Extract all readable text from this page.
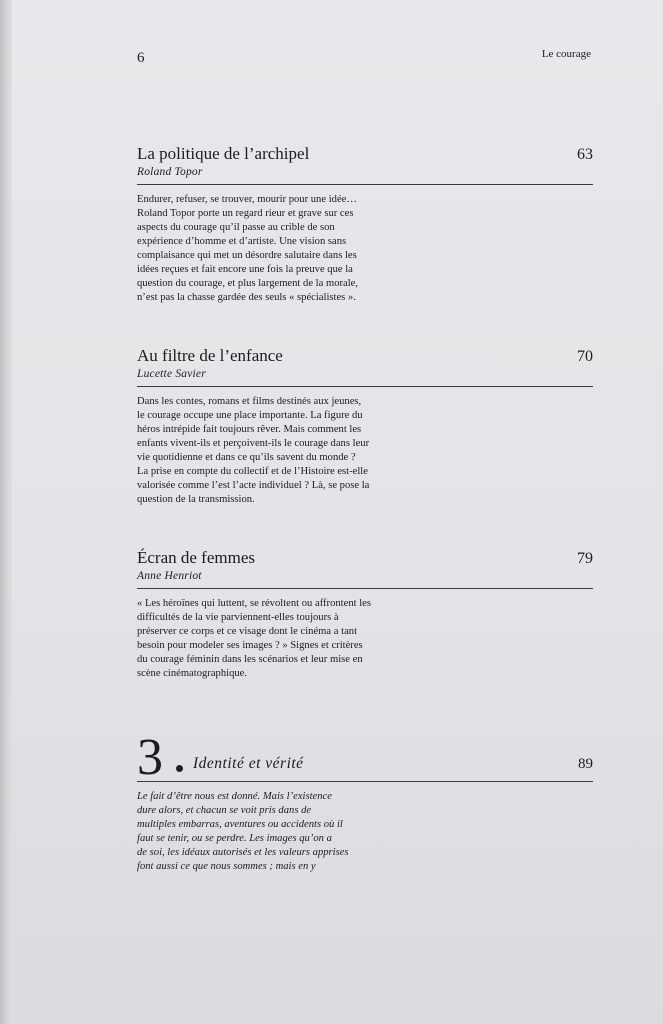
6	Le courage
La politique de l’archipel	63
Roland Topor
Endurer, refuser, se trouver, mourir pour une idée…
Roland Topor porte un regard rieur et grave sur ces
aspects du courage qu’il passe au crible de son
expérience d’homme et d’artiste. Une vision sans
complaisance qui met un désordre salutaire dans les
idées reçues et fait encore une fois la preuve que la
question du courage, et plus largement de la morale,
n’est pas la chasse gardée des seuls « spécialistes ».
Au filtre de l’enfance	70
Lucette Savier
Dans les contes, romans et films destinés aux jeunes,
le courage occupe une place importante. La figure du
héros intrépide fait toujours rêver. Mais comment les
enfants vivent-ils et perçoivent-ils le courage dans leur
vie quotidienne et dans ce qu’ils savent du monde ?
La prise en compte du collectif et de l’Histoire est-elle
valorisée comme l’est l’acte individuel ? Là, se pose la
question de la transmission.
Écran de femmes	79
Anne Henriot
« Les héroïnes qui luttent, se révoltent ou affrontent les
difficultés de la vie parviennent-elles toujours à
préserver ce corps et ce visage dont le cinéma a tant
besoin pour modeler ses images ? » Signes et critères
du courage féminin dans les scénarios et leur mise en
scène cinématographique.
3 Identité et vérité	89
Le fait d’être nous est donné. Mais l’existence
dure alors, et chacun se voit pris dans de
multiples embarras, aventures ou accidents où il
faut se tenir, ou se perdre. Les images qu’on a
de soi, les idéaux autorisés et les valeurs apprises
font aussi ce que nous sommes ; mais en y
